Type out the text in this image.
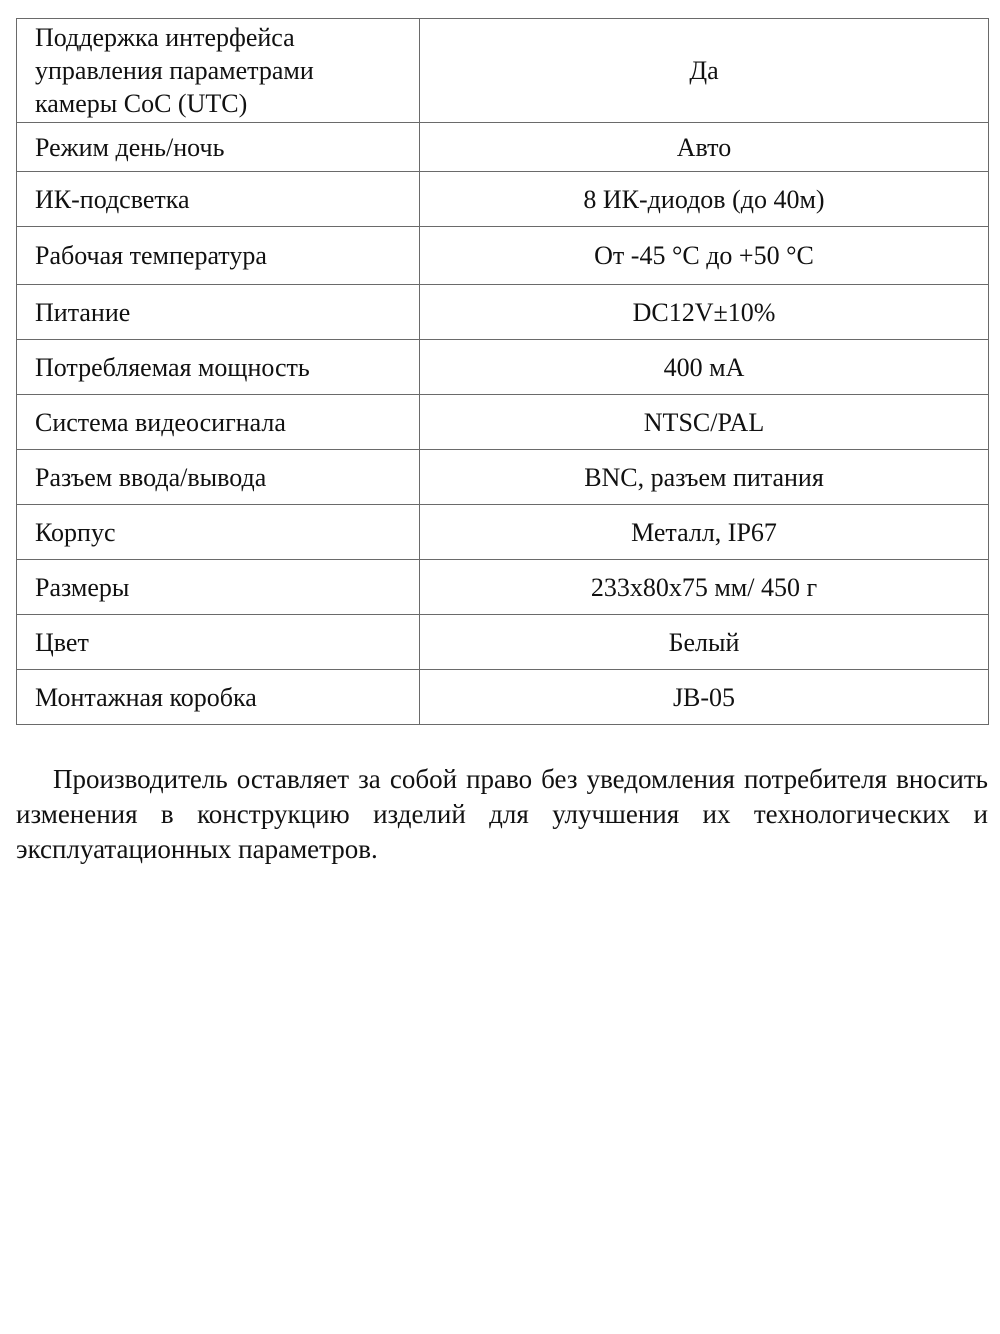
Поддержка интерфейса
управления параметрами
камеры CoC (UTC)	Да
Режим день/ночь	Авто
ИК-подсветка	8 ИК-диодов (до 40м)
Рабочая температура	От -45 °С до +50 °С
Питание	DC12V±10%
Потребляемая мощность	400 мА
Система видеосигнала	NTSC/PAL
Разъем ввода/вывода	BNC, разъем питания
Корпус	Металл, IP67
Размеры	233x80x75 мм/ 450 г
Цвет	Белый
Монтажная коробка	JB-05

Производитель оставляет за собой право без уведомления потребителя вносить изменения в конструкцию изделий для улучшения их технологических и эксплуатационных параметров.
